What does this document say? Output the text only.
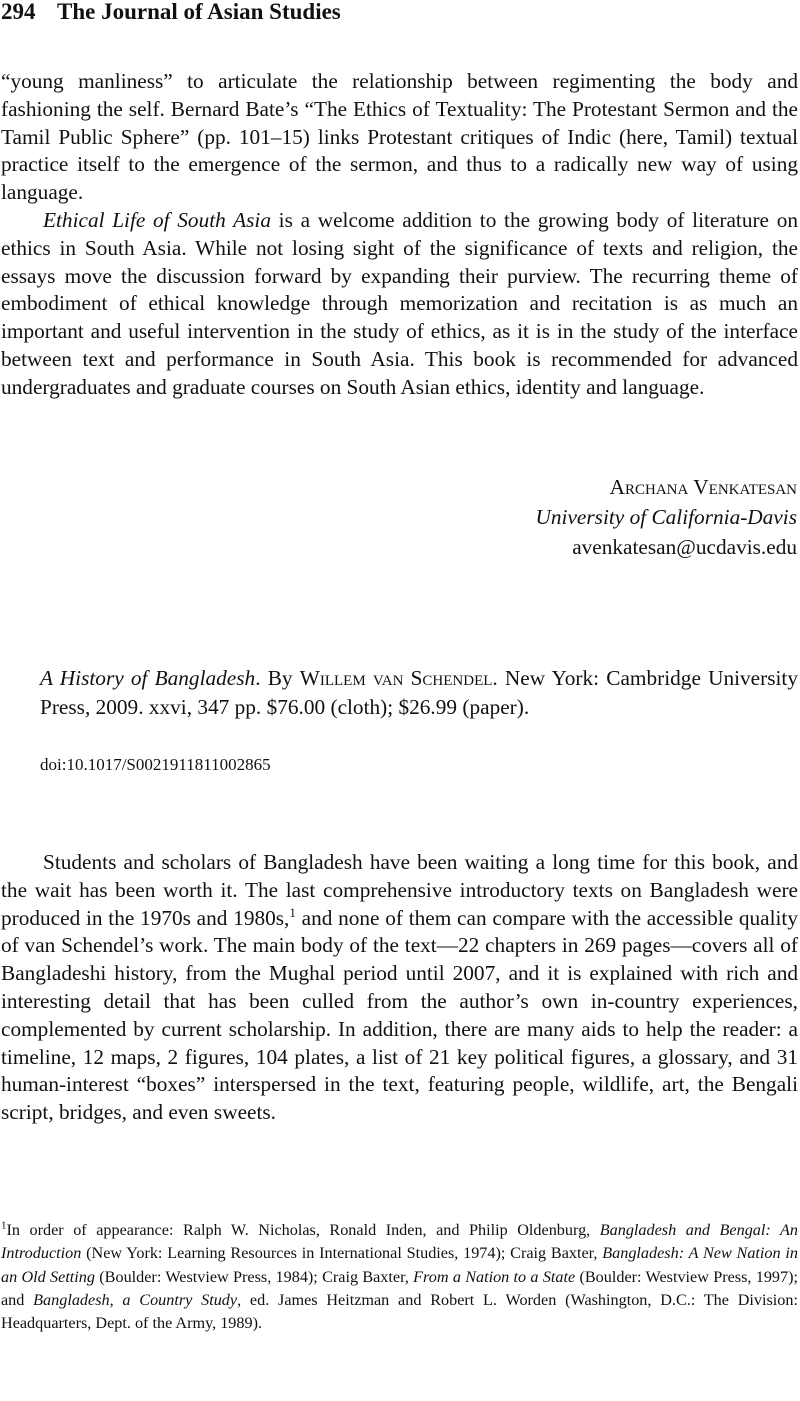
294 The Journal of Asian Studies

“young manliness” to articulate the relationship between regimenting the body and fashioning the self. Bernard Bate’s “The Ethics of Textuality: The Protestant Sermon and the Tamil Public Sphere” (pp. 101–15) links Protestant critiques of Indic (here, Tamil) textual practice itself to the emergence of the sermon, and thus to a radically new way of using language.

Ethical Life of South Asia is a welcome addition to the growing body of literature on ethics in South Asia. While not losing sight of the significance of texts and religion, the essays move the discussion forward by expanding their purview. The recurring theme of embodiment of ethical knowledge through memorization and recitation is as much an important and useful intervention in the study of ethics, as it is in the study of the interface between text and performance in South Asia. This book is recommended for advanced undergraduates and graduate courses on South Asian ethics, identity and language.

Archana Venkatesan
University of California-Davis
avenkatesan@ucdavis.edu
A History of Bangladesh. By Willem van Schendel. New York: Cambridge University Press, 2009. xxvi, 347 pp. $76.00 (cloth); $26.99 (paper).
doi:10.1017/S0021911811002865

Students and scholars of Bangladesh have been waiting a long time for this book, and the wait has been worth it. The last comprehensive introductory texts on Bangladesh were produced in the 1970s and 1980s,$^1$ and none of them can compare with the accessible quality of van Schendel’s work. The main body of the text—22 chapters in 269 pages—covers all of Bangladeshi history, from the Mughal period until 2007, and it is explained with rich and interesting detail that has been culled from the author’s own in-country experiences, complemented by current scholarship. In addition, there are many aids to help the reader: a timeline, 12 maps, 2 figures, 104 plates, a list of 21 key political figures, a glossary, and 31 human-interest “boxes” interspersed in the text, featuring people, wildlife, art, the Bengali script, bridges, and even sweets.

$^1$In order of appearance: Ralph W. Nicholas, Ronald Inden, and Philip Oldenburg, Bangladesh and Bengal: An Introduction (New York: Learning Resources in International Studies, 1974); Craig Baxter, Bangladesh: A New Nation in an Old Setting (Boulder: Westview Press, 1984); Craig Baxter, From a Nation to a State (Boulder: Westview Press, 1997); and Bangladesh, a Country Study, ed. James Heitzman and Robert L. Worden (Washington, D.C.: The Division: Headquarters, Dept. of the Army, 1989).
